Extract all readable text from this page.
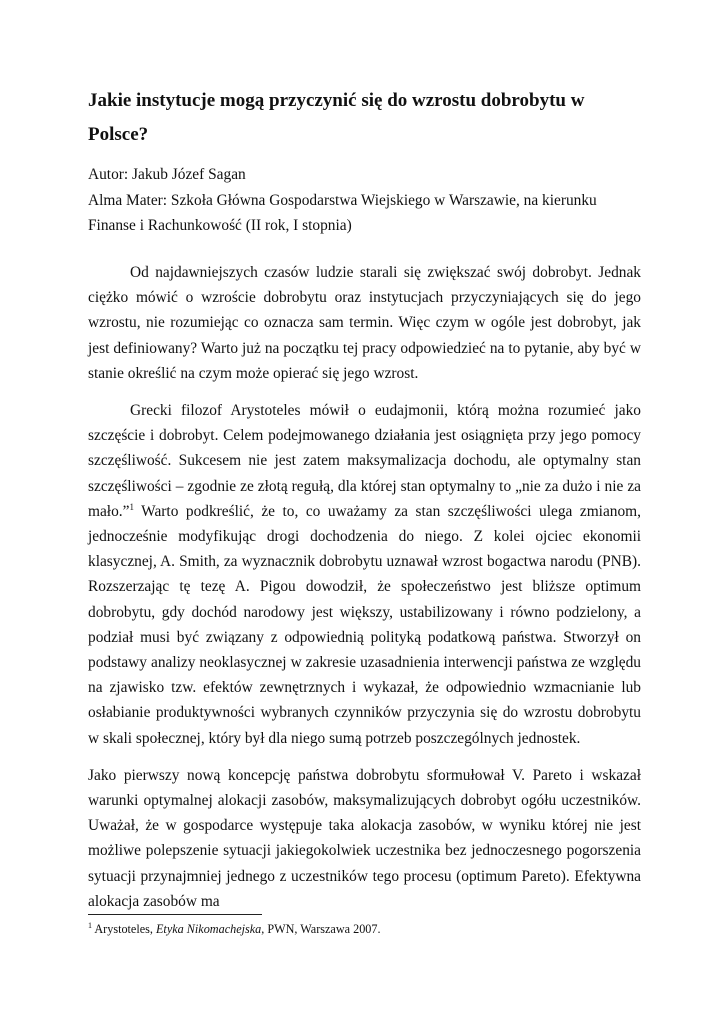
Jakie instytucje mogą przyczynić się do wzrostu dobrobytu w Polsce?

Autor: Jakub Józef Sagan

Alma Mater: Szkoła Główna Gospodarstwa Wiejskiego w Warszawie, na kierunku Finanse i Rachunkowość (II rok, I stopnia)

Od najdawniejszych czasów ludzie starali się zwiększać swój dobrobyt. Jednak ciężko mówić o wzroście dobrobytu oraz instytucjach przyczyniających się do jego wzrostu, nie rozumiejąc co oznacza sam termin. Więc czym w ogóle jest dobrobyt, jak jest definiowany? Warto już na początku tej pracy odpowiedzieć na to pytanie, aby być w stanie określić na czym może opierać się jego wzrost.

Grecki filozof Arystoteles mówił o eudajmonii, którą można rozumieć jako szczęście i dobrobyt. Celem podejmowanego działania jest osiągnięta przy jego pomocy szczęśliwość. Sukcesem nie jest zatem maksymalizacja dochodu, ale optymalny stan szczęśliwości – zgodnie ze złotą regułą, dla której stan optymalny to „nie za dużo i nie za mało.”$^1$ Warto podkreślić, że to, co uważamy za stan szczęśliwości ulega zmianom, jednocześnie modyfikując drogi dochodzenia do niego. Z kolei ojciec ekonomii klasycznej, A. Smith, za wyznacznik dobrobytu uznawał wzrost bogactwa narodu (PNB). Rozszerzając tę tezę A. Pigou dowodził, że społeczeństwo jest bliższe optimum dobrobytu, gdy dochód narodowy jest większy, ustabilizowany i równo podzielony, a podział musi być związany z odpowiednią polityką podatkową państwa. Stworzył on podstawy analizy neoklasycznej w zakresie uzasadnienia interwencji państwa ze względu na zjawisko tzw. efektów zewnętrznych i wykazał, że odpowiednio wzmacnianie lub osłabianie produktywności wybranych czynników przyczynia się do wzrostu dobrobytu w skali społecznej, który był dla niego sumą potrzeb poszczególnych jednostek.

Jako pierwszy nową koncepcję państwa dobrobytu sformułował V. Pareto i wskazał warunki optymalnej alokacji zasobów, maksymalizujących dobrobyt ogółu uczestników. Uważał, że w gospodarce występuje taka alokacja zasobów, w wyniku której nie jest możliwe polepszenie sytuacji jakiegokolwiek uczestnika bez jednoczesnego pogorszenia sytuacji przynajmniej jednego z uczestników tego procesu (optimum Pareto). Efektywna alokacja zasobów ma

$^1$ Arystoteles, Etyka Nikomachejska, PWN, Warszawa 2007.
